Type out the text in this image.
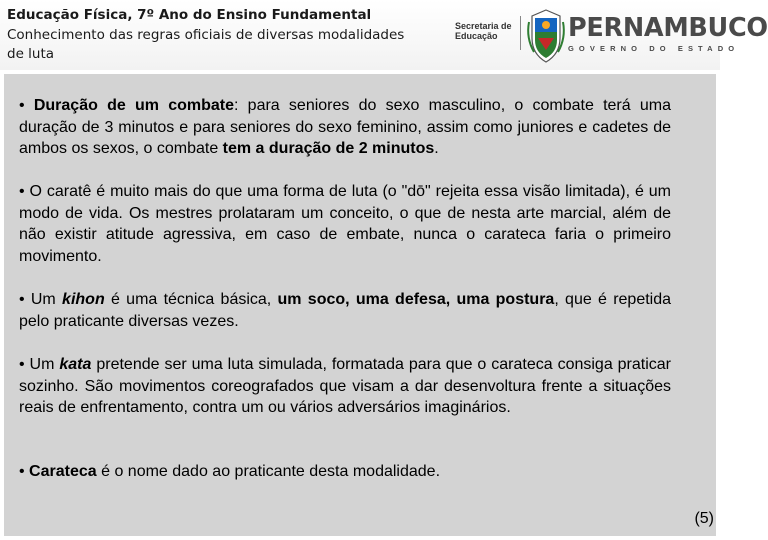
Educação Física, 7º Ano do Ensino Fundamental
Conhecimento das regras oficiais de diversas modalidades de luta
Secretaria de
Educação	PERNAMBUCO
GOVERNO DO ESTADO
• Duração de um combate: para seniores do sexo masculino, o combate terá uma duração de 3 minutos e para seniores do sexo feminino, assim como juniores e cadetes de ambos os sexos, o combate tem a duração de 2 minutos.
• O caratê é muito mais do que uma forma de luta (o "dō" rejeita essa visão limitada), é um modo de vida. Os mestres prolataram um conceito, o que de nesta arte marcial, além de não existir atitude agressiva, em caso de embate, nunca o carateca faria o primeiro movimento.
• Um kihon é uma técnica básica, um soco, uma defesa, uma postura, que é repetida pelo praticante diversas vezes.
• Um kata pretende ser uma luta simulada, formatada para que o carateca consiga praticar sozinho. São movimentos coreografados que visam a dar desenvoltura frente a situações reais de enfrentamento, contra um ou vários adversários imaginários.
• Carateca é o nome dado ao praticante desta modalidade.
(5)
